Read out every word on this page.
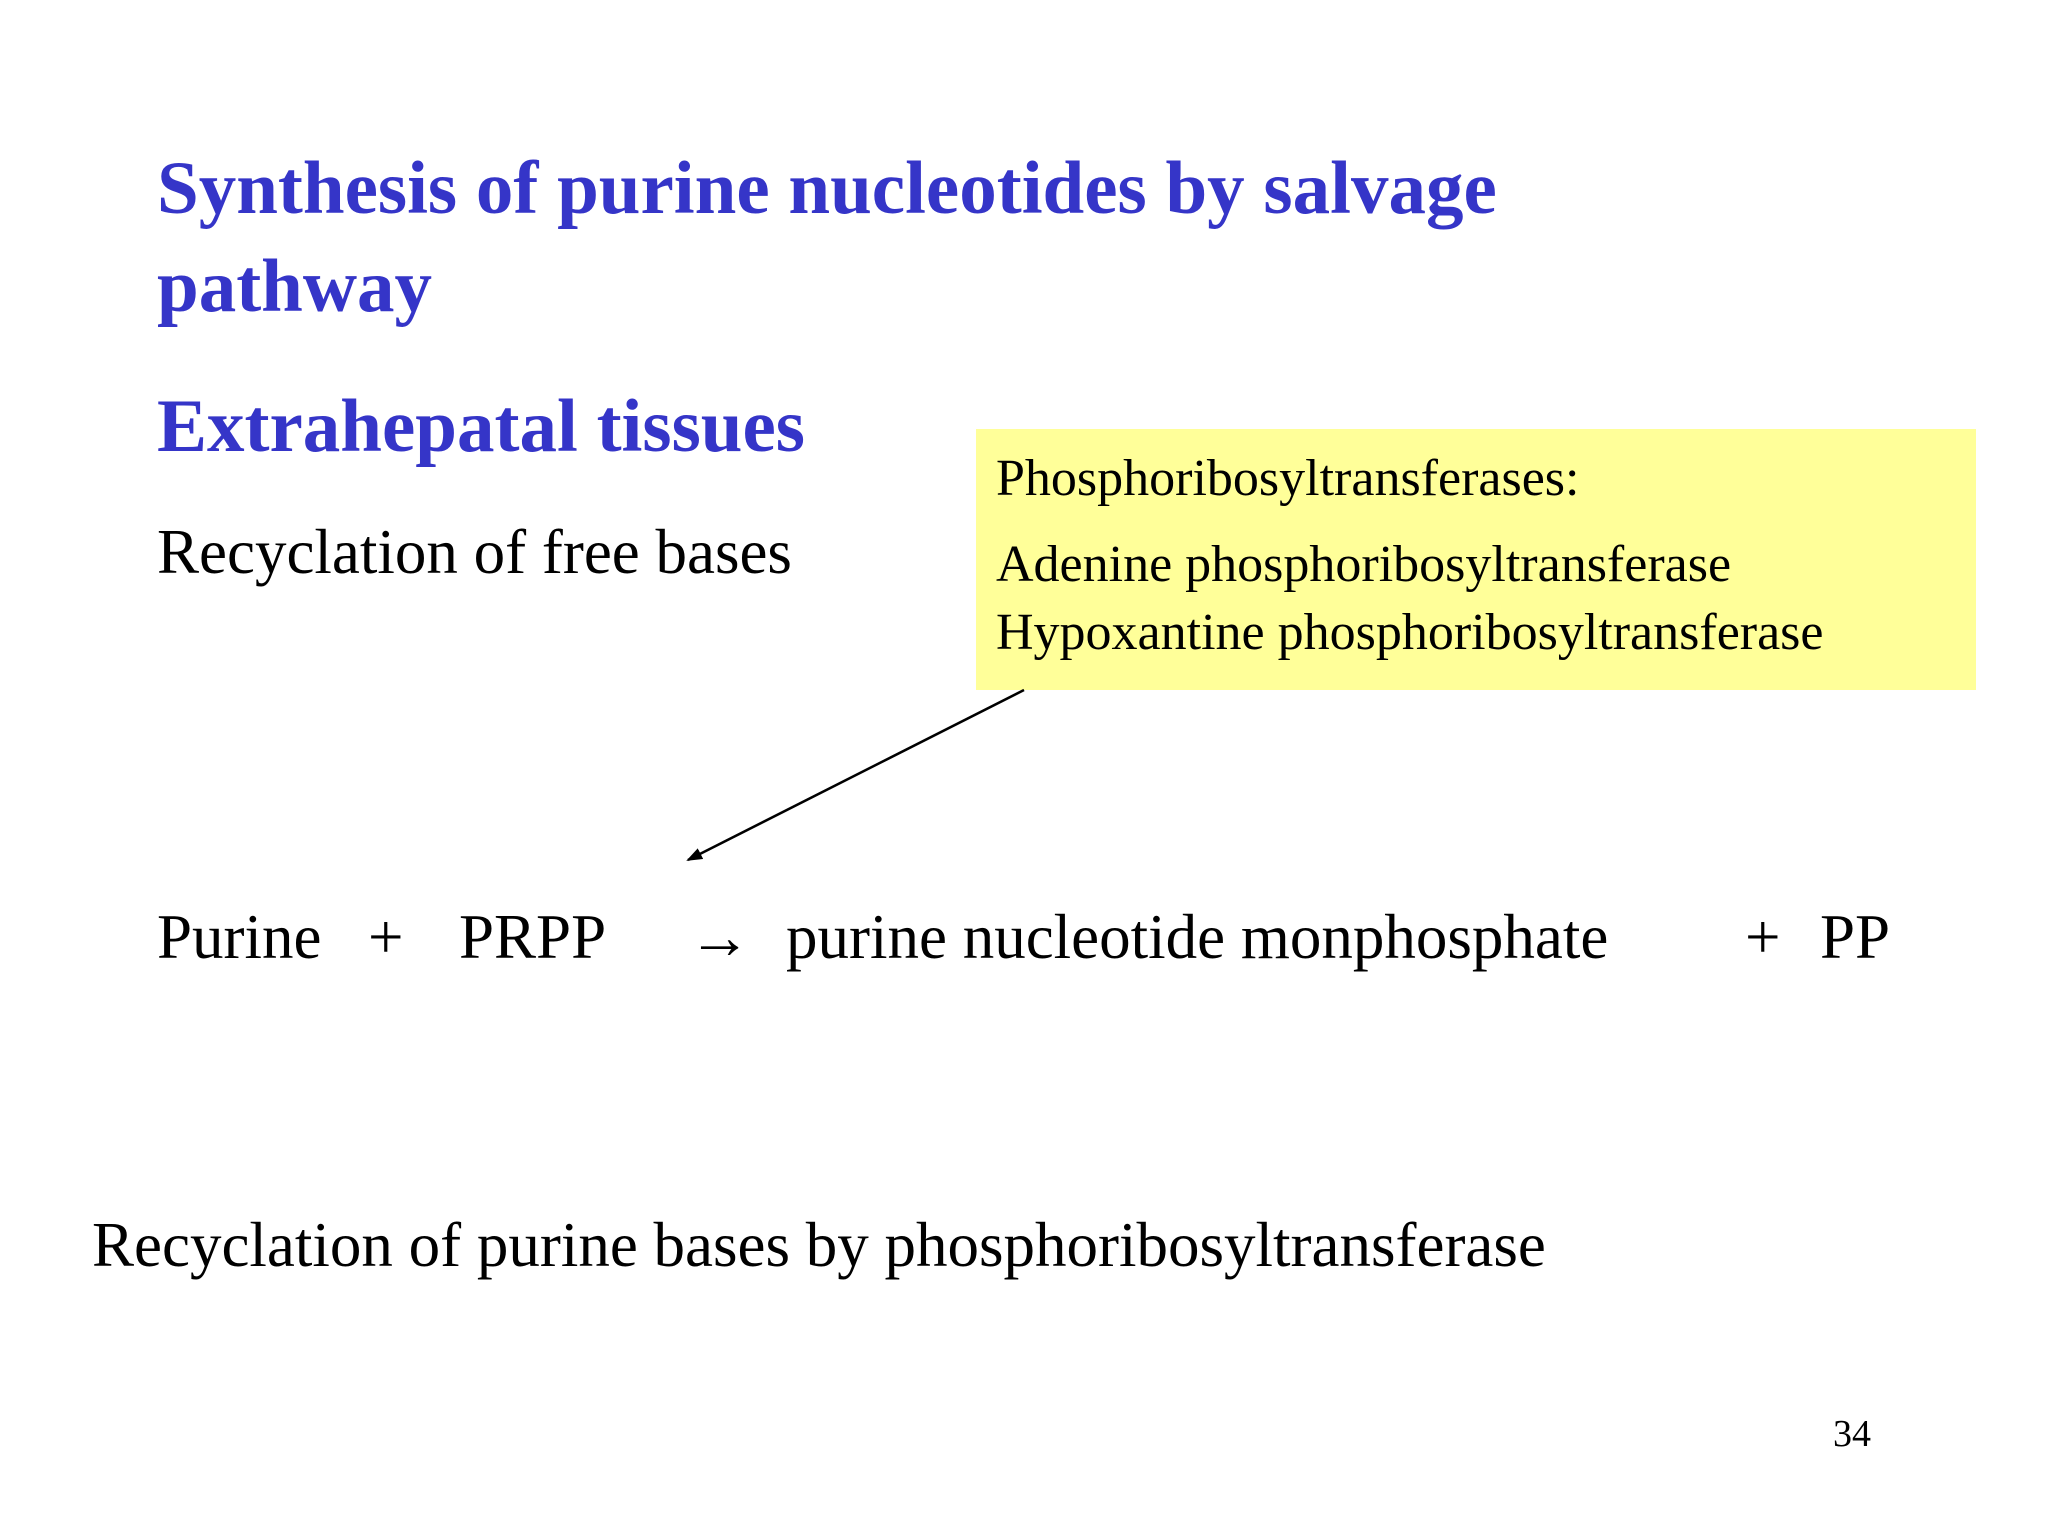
Synthesis of purine nucleotides by salvage pathway
Extrahepatal tissues

Recyclation of free bases

Phosphoribosyltransferases:

Adenine phosphoribosyltransferase

Hypoxantine phosphoribosyltransferase

Purine + PRPP → purine nucleotide monphosphate + PP

Recyclation of purine bases by phosphoribosyltransferase

34
